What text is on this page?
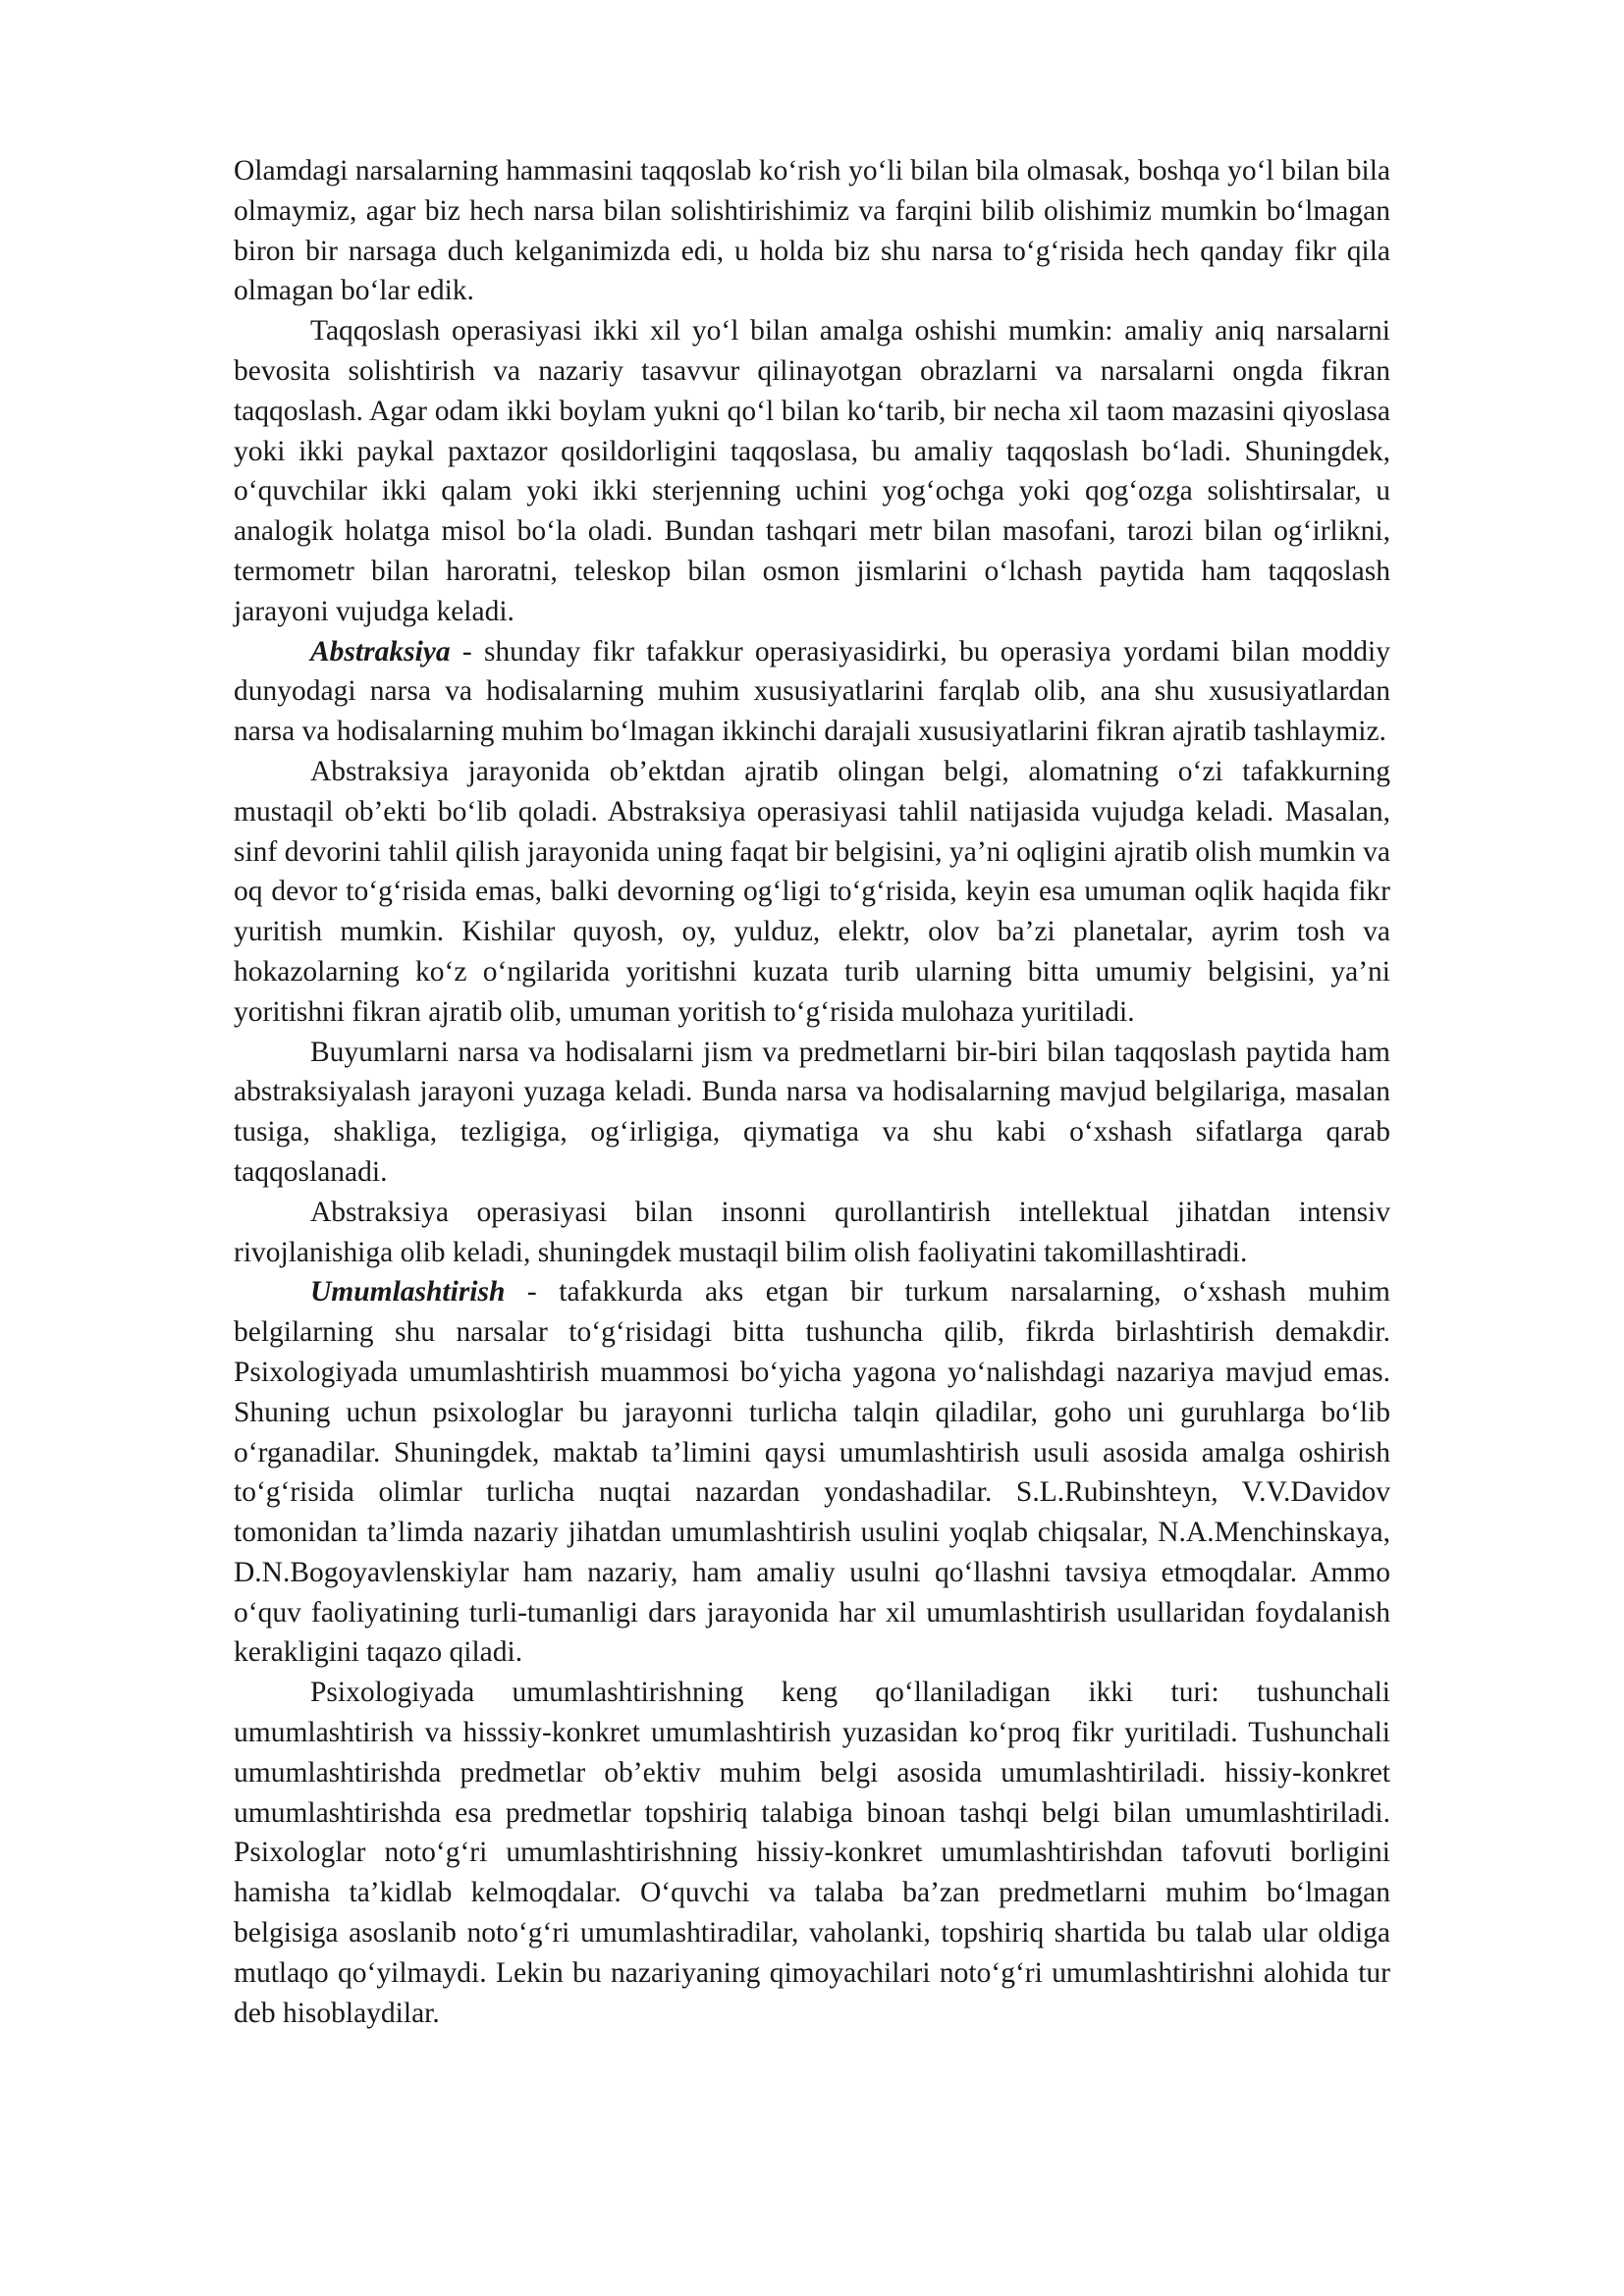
Olamdagi narsalarning hammasini taqqoslab ko‘rish yo‘li bilan bila olmasak, boshqa yo‘l bilan bila olmaymiz, agar biz hech narsa bilan solishtirishimiz va farqini bilib olishimiz mumkin bo‘lmagan biron bir narsaga duch kelganimizda edi, u holda biz shu narsa to‘g‘risida hech qanday fikr qila olmagan bo‘lar edik.

Taqqoslash operasiyasi ikki xil yo‘l bilan amalga oshishi mumkin: amaliy aniq narsalarni bevosita solishtirish va nazariy tasavvur qilinayotgan obrazlarni va narsalarni ongda fikran taqqoslash. Agar odam ikki boylam yukni qo‘l bilan ko‘tarib, bir necha xil taom mazasini qiyoslasa yoki ikki paykal paxtazor qosildorligini taqqoslasa, bu amaliy taqqoslash bo‘ladi. Shuningdek, o‘quvchilar ikki qalam yoki ikki sterjenning uchini yog‘ochga yoki qog‘ozga solishtirsalar, u analogik holatga misol bo‘la oladi. Bundan tashqari metr bilan masofani, tarozi bilan og‘irlikni, termometr bilan haroratni, teleskop bilan osmon jismlarini o‘lchash paytida ham taqqoslash jarayoni vujudga keladi.

Abstraksiya - shunday fikr tafakkur operasiyasidirki, bu operasiya yordami bilan moddiy dunyodagi narsa va hodisalarning muhim xususiyatlarini farqlab olib, ana shu xususiyatlardan narsa va hodisalarning muhim bo‘lmagan ikkinchi darajali xususiyatlarini fikran ajratib tashlaymiz.

Abstraksiya jarayonida ob’ektdan ajratib olingan belgi, alomatning o‘zi tafakkurning mustaqil ob’ekti bo‘lib qoladi. Abstraksiya operasiyasi tahlil natijasida vujudga keladi. Masalan, sinf devorini tahlil qilish jarayonida uning faqat bir belgisini, ya’ni oqligini ajratib olish mumkin va oq devor to‘g‘risida emas, balki devorning og‘ligi to‘g‘risida, keyin esa umuman oqlik haqida fikr yuritish mumkin. Kishilar quyosh, oy, yulduz, elektr, olov ba’zi planetalar, ayrim tosh va hokazolarning ko‘z o‘ngilarida yoritishni kuzata turib ularning bitta umumiy belgisini, ya’ni yoritishni fikran ajratib olib, umuman yoritish to‘g‘risida mulohaza yuritiladi.

Buyumlarni narsa va hodisalarni jism va predmetlarni bir-biri bilan taqqoslash paytida ham abstraksiyalash jarayoni yuzaga keladi. Bunda narsa va hodisalarning mavjud belgilariga, masalan tusiga, shakliga, tezligiga, og‘irligiga, qiymatiga va shu kabi o‘xshash sifatlarga qarab taqqoslanadi.

Abstraksiya operasiyasi bilan insonni qurollantirish intellektual jihatdan intensiv rivojlanishiga olib keladi, shuningdek mustaqil bilim olish faoliyatini takomillashtiradi.

Umumlashtirish - tafakkurda aks etgan bir turkum narsalarning, o‘xshash muhim belgilarning shu narsalar to‘g‘risidagi bitta tushuncha qilib, fikrda birlashtirish demakdir. Psixologiyada umumlashtirish muammosi bo‘yicha yagona yo‘nalishdagi nazariya mavjud emas. Shuning uchun psixologlar bu jarayonni turlicha talqin qiladilar, goho uni guruhlarga bo‘lib o‘rganadilar. Shuningdek, maktab ta’limini qaysi umumlashtirish usuli asosida amalga oshirish to‘g‘risida olimlar turlicha nuqtai nazardan yondashadilar. S.L.Rubinshteyn, V.V.Davidov tomonidan ta’limda nazariy jihatdan umumlashtirish usulini yoqlab chiqsalar, N.A.Menchinskaya, D.N.Bogoyavlenskiylar ham nazariy, ham amaliy usulni qo‘llashni tavsiya etmoqdalar. Ammo o‘quv faoliyatining turli-tumanligi dars jarayonida har xil umumlashtirish usullaridan foydalanish kerakligini taqazo qiladi.

Psixologiyada umumlashtirishning keng qo‘llaniladigan ikki turi: tushunchali umumlashtirish va hisssiy-konkret umumlashtirish yuzasidan ko‘proq fikr yuritiladi. Tushunchali umumlashtirishda predmetlar ob’ektiv muhim belgi asosida umumlashtiriladi. hissiy-konkret umumlashtirishda esa predmetlar topshiriq talabiga binoan tashqi belgi bilan umumlashtiriladi. Psixologlar noto‘g‘ri umumlashtirishning hissiy-konkret umumlashtirishdan tafovuti borligini hamisha ta’kidlab kelmoqdalar. O‘quvchi va talaba ba’zan predmetlarni muhim bo‘lmagan belgisiga asoslanib noto‘g‘ri umumlashtiradilar, vaholanki, topshiriq shartida bu talab ular oldiga mutlaqo qo‘yilmaydi. Lekin bu nazariyaning qimoyachilari noto‘g‘ri umumlashtirishni alohida tur deb hisoblaydilar.
